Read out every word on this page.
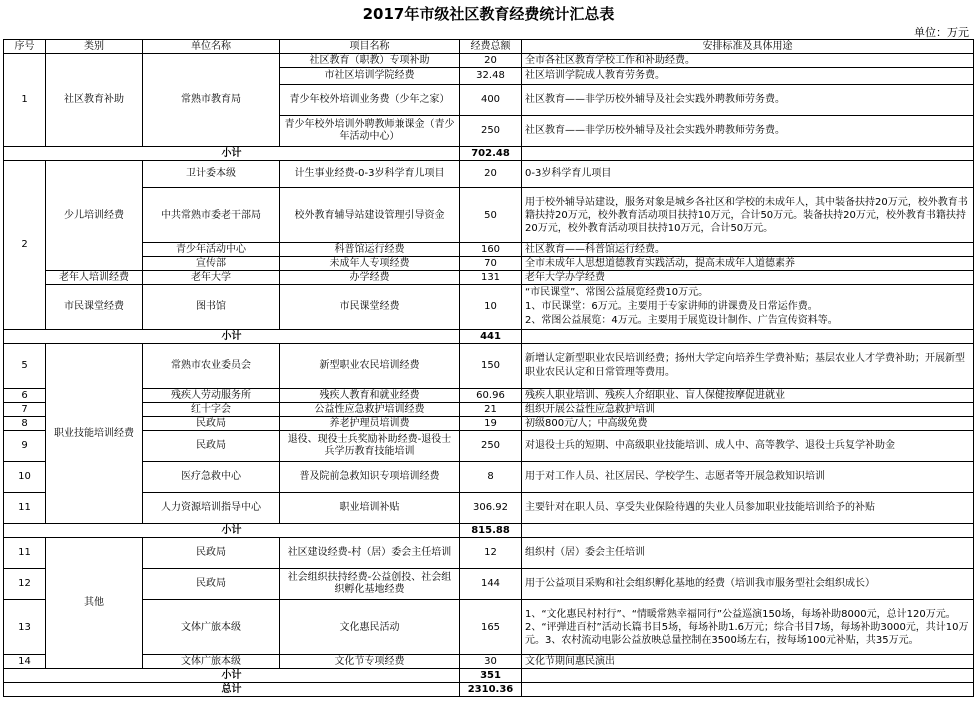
2017年市级社区教育经费统计汇总表
单位：万元
序号	类别	单位名称	项目名称	经费总额	安排标准及具体用途
1	社区教育补助	常熟市教育局	社区教育（职教）专项补助	20	全市各社区教育学校工作和补助经费。
			市社区培训学院经费	32.48	社区培训学院成人教育劳务费。
			青少年校外培训业务费（少年之家）	400	社区教育——非学历校外辅导及社会实践外聘教师劳务费。
			青少年校外培训外聘教师兼课金（青少年活动中心）	250	社区教育——非学历校外辅导及社会实践外聘教师劳务费。
小计				702.48	
2	少儿培训经费	卫计委本级	计生事业经费-0-3岁科学育儿项目	20	0-3岁科学育儿项目
		中共常熟市委老干部局	校外教育辅导站建设管理引导资金	50	用于校外辅导站建设，服务对象是城乡各社区和学校的未成年人，其中装备扶持20万元，校外教育书籍扶持20万元，校外教育活动项目扶持10万元，合计50万元。装备扶持20万元，校外教育书籍扶持20万元，校外教育活动项目扶持10万元，合计50万元。
		青少年活动中心	科普馆运行经费	160	社区教育——科普馆运行经费。
		宣传部	未成年人专项经费	70	全市未成年人思想道德教育实践活动，提高未成年人道德素养
	老年人培训经费	老年大学	办学经费	131	老年大学办学经费
	市民课堂经费	图书馆	市民课堂经费	10	“市民课堂”、常图公益展览经费10万元。
1、市民课堂：6万元。主要用于专家讲师的讲课费及日常运作费。
2、常图公益展览：4万元。主要用于展览设计制作、广告宣传资料等。

小计				441	
5	职业技能培训经费	常熟市农业委员会	新型职业农民培训经费	150	新增认定新型职业农民培训经费；扬州大学定向培养生学费补贴；基层农业人才学费补助；开展新型职业农民认定和日常管理等费用。
6		残疾人劳动服务所	残疾人教育和就业经费	60.96	残疾人职业培训、残疾人介绍职业、盲人保健按摩促进就业
7		红十字会	公益性应急救护培训经费	21	组织开展公益性应急救护培训
8		民政局	养老护理员培训费	19	初级800元/人；中高级免费
9		民政局	退役、现役士兵奖励补助经费-退役士兵学历教育技能培训	250	对退役士兵的短期、中高级职业技能培训、成人中、高等教学、退役士兵复学补助金
10		医疗急救中心	普及院前急救知识专项培训经费	8	用于对工作人员、社区居民、学校学生、志愿者等开展急救知识培训
11		人力资源培训指导中心	职业培训补贴	306.92	主要针对在职人员、享受失业保险待遇的失业人员参加职业技能培训给予的补贴
小计				815.88	
11	其他	民政局	社区建设经费-村（居）委会主任培训	12	组织村（居）委会主任培训
12		民政局	社会组织扶持经费-公益创投、社会组织孵化基地经费	144	用于公益项目采购和社会组织孵化基地的经费（培训我市服务型社会组织成长）
13		文体广旅本级	文化惠民活动	165	1、“文化惠民村村行”、“情暖常熟幸福同行”公益巡演150场，每场补助8000元，总计120万元。2、“评弹进百村”活动长篇书目5场，每场补助1.6万元；综合书目7场，每场补助3000元，共计10万元。3、农村流动电影公益放映总量控制在3500场左右，按每场100元补贴，共35万元。
14		文体广旅本级	文化节专项经费	30	文化节期间惠民演出
小计				351	
总计				2310.36	
